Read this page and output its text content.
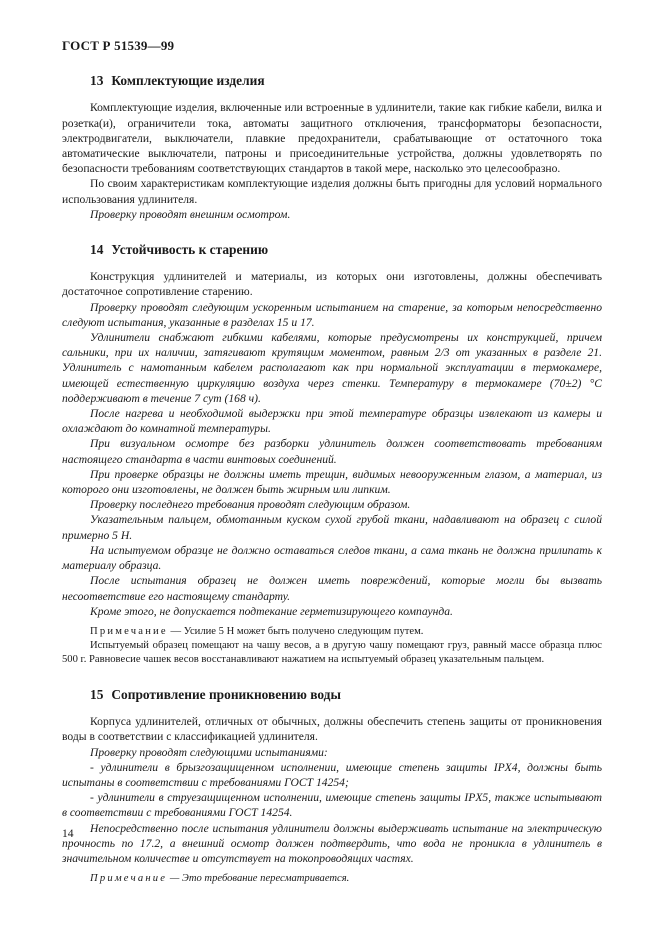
ГОСТ Р 51539—99
13 Комплектующие изделия

Комплектующие изделия, включенные или встроенные в удлинители, такие как гибкие кабели, вилка и розетка(и), ограничители тока, автоматы защитного отключения, трансформаторы безопасности, электродвигатели, выключатели, плавкие предохранители, срабатывающие от остаточного тока автоматические выключатели, патроны и присоединительные устройства, должны удовлетворять по безопасности требованиям соответствующих стандартов в такой мере, насколько это целесообразно.

По своим характеристикам комплектующие изделия должны быть пригодны для условий нормального использования удлинителя.

Проверку проводят внешним осмотром.

14 Устойчивость к старению

Конструкция удлинителей и материалы, из которых они изготовлены, должны обеспечивать достаточное сопротивление старению.

Проверку проводят следующим ускоренным испытанием на старение, за которым непосредственно следуют испытания, указанные в разделах 15 и 17.

Удлинители снабжают гибкими кабелями, которые предусмотрены их конструкцией, причем сальники, при их наличии, затягивают крутящим моментом, равным 2/3 от указанных в разделе 21. Удлинитель с намотанным кабелем располагают как при нормальной эксплуатации в термокамере, имеющей естественную циркуляцию воздуха через стенки. Температуру в термокамере (70±2) °С поддерживают в течение 7 сут (168 ч).

После нагрева и необходимой выдержки при этой температуре образцы извлекают из камеры и охлаждают до комнатной температуры.

При визуальном осмотре без разборки удлинитель должен соответствовать требованиям настоящего стандарта в части винтовых соединений.

При проверке образцы не должны иметь трещин, видимых невооруженным глазом, а материал, из которого они изготовлены, не должен быть жирным или липким.

Проверку последнего требования проводят следующим образом.

Указательным пальцем, обмотанным куском сухой грубой ткани, надавливают на образец с силой примерно 5 Н.

На испытуемом образце не должно оставаться следов ткани, а сама ткань не должна прилипать к материалу образца.

После испытания образец не должен иметь повреждений, которые могли бы вызвать несоответствие его настоящему стандарту.

Кроме этого, не допускается подтекание герметизирующего компаунда.

Примечание — Усилие 5 Н может быть получено следующим путем.

Испытуемый образец помещают на чашу весов, а в другую чашу помещают груз, равный массе образца плюс 500 г. Равновесие чашек весов восстанавливают нажатием на испытуемый образец указательным пальцем.

15 Сопротивление проникновению воды

Корпуса удлинителей, отличных от обычных, должны обеспечить степень защиты от проникновения воды в соответствии с классификацией удлинителя.

Проверку проводят следующими испытаниями:

- удлинители в брызгозащищенном исполнении, имеющие степень защиты IPX4, должны быть испытаны в соответствии с требованиями ГОСТ 14254;

- удлинители в струезащищенном исполнении, имеющие степень защиты IPX5, также испытывают в соответствии с требованиями ГОСТ 14254.

Непосредственно после испытания удлинители должны выдерживать испытание на электрическую прочность по 17.2, а внешний осмотр должен подтвердить, что вода не проникла в удлинитель в значительном количестве и отсутствует на токопроводящих частях.

Примечание — Это требование пересматривается.

14
